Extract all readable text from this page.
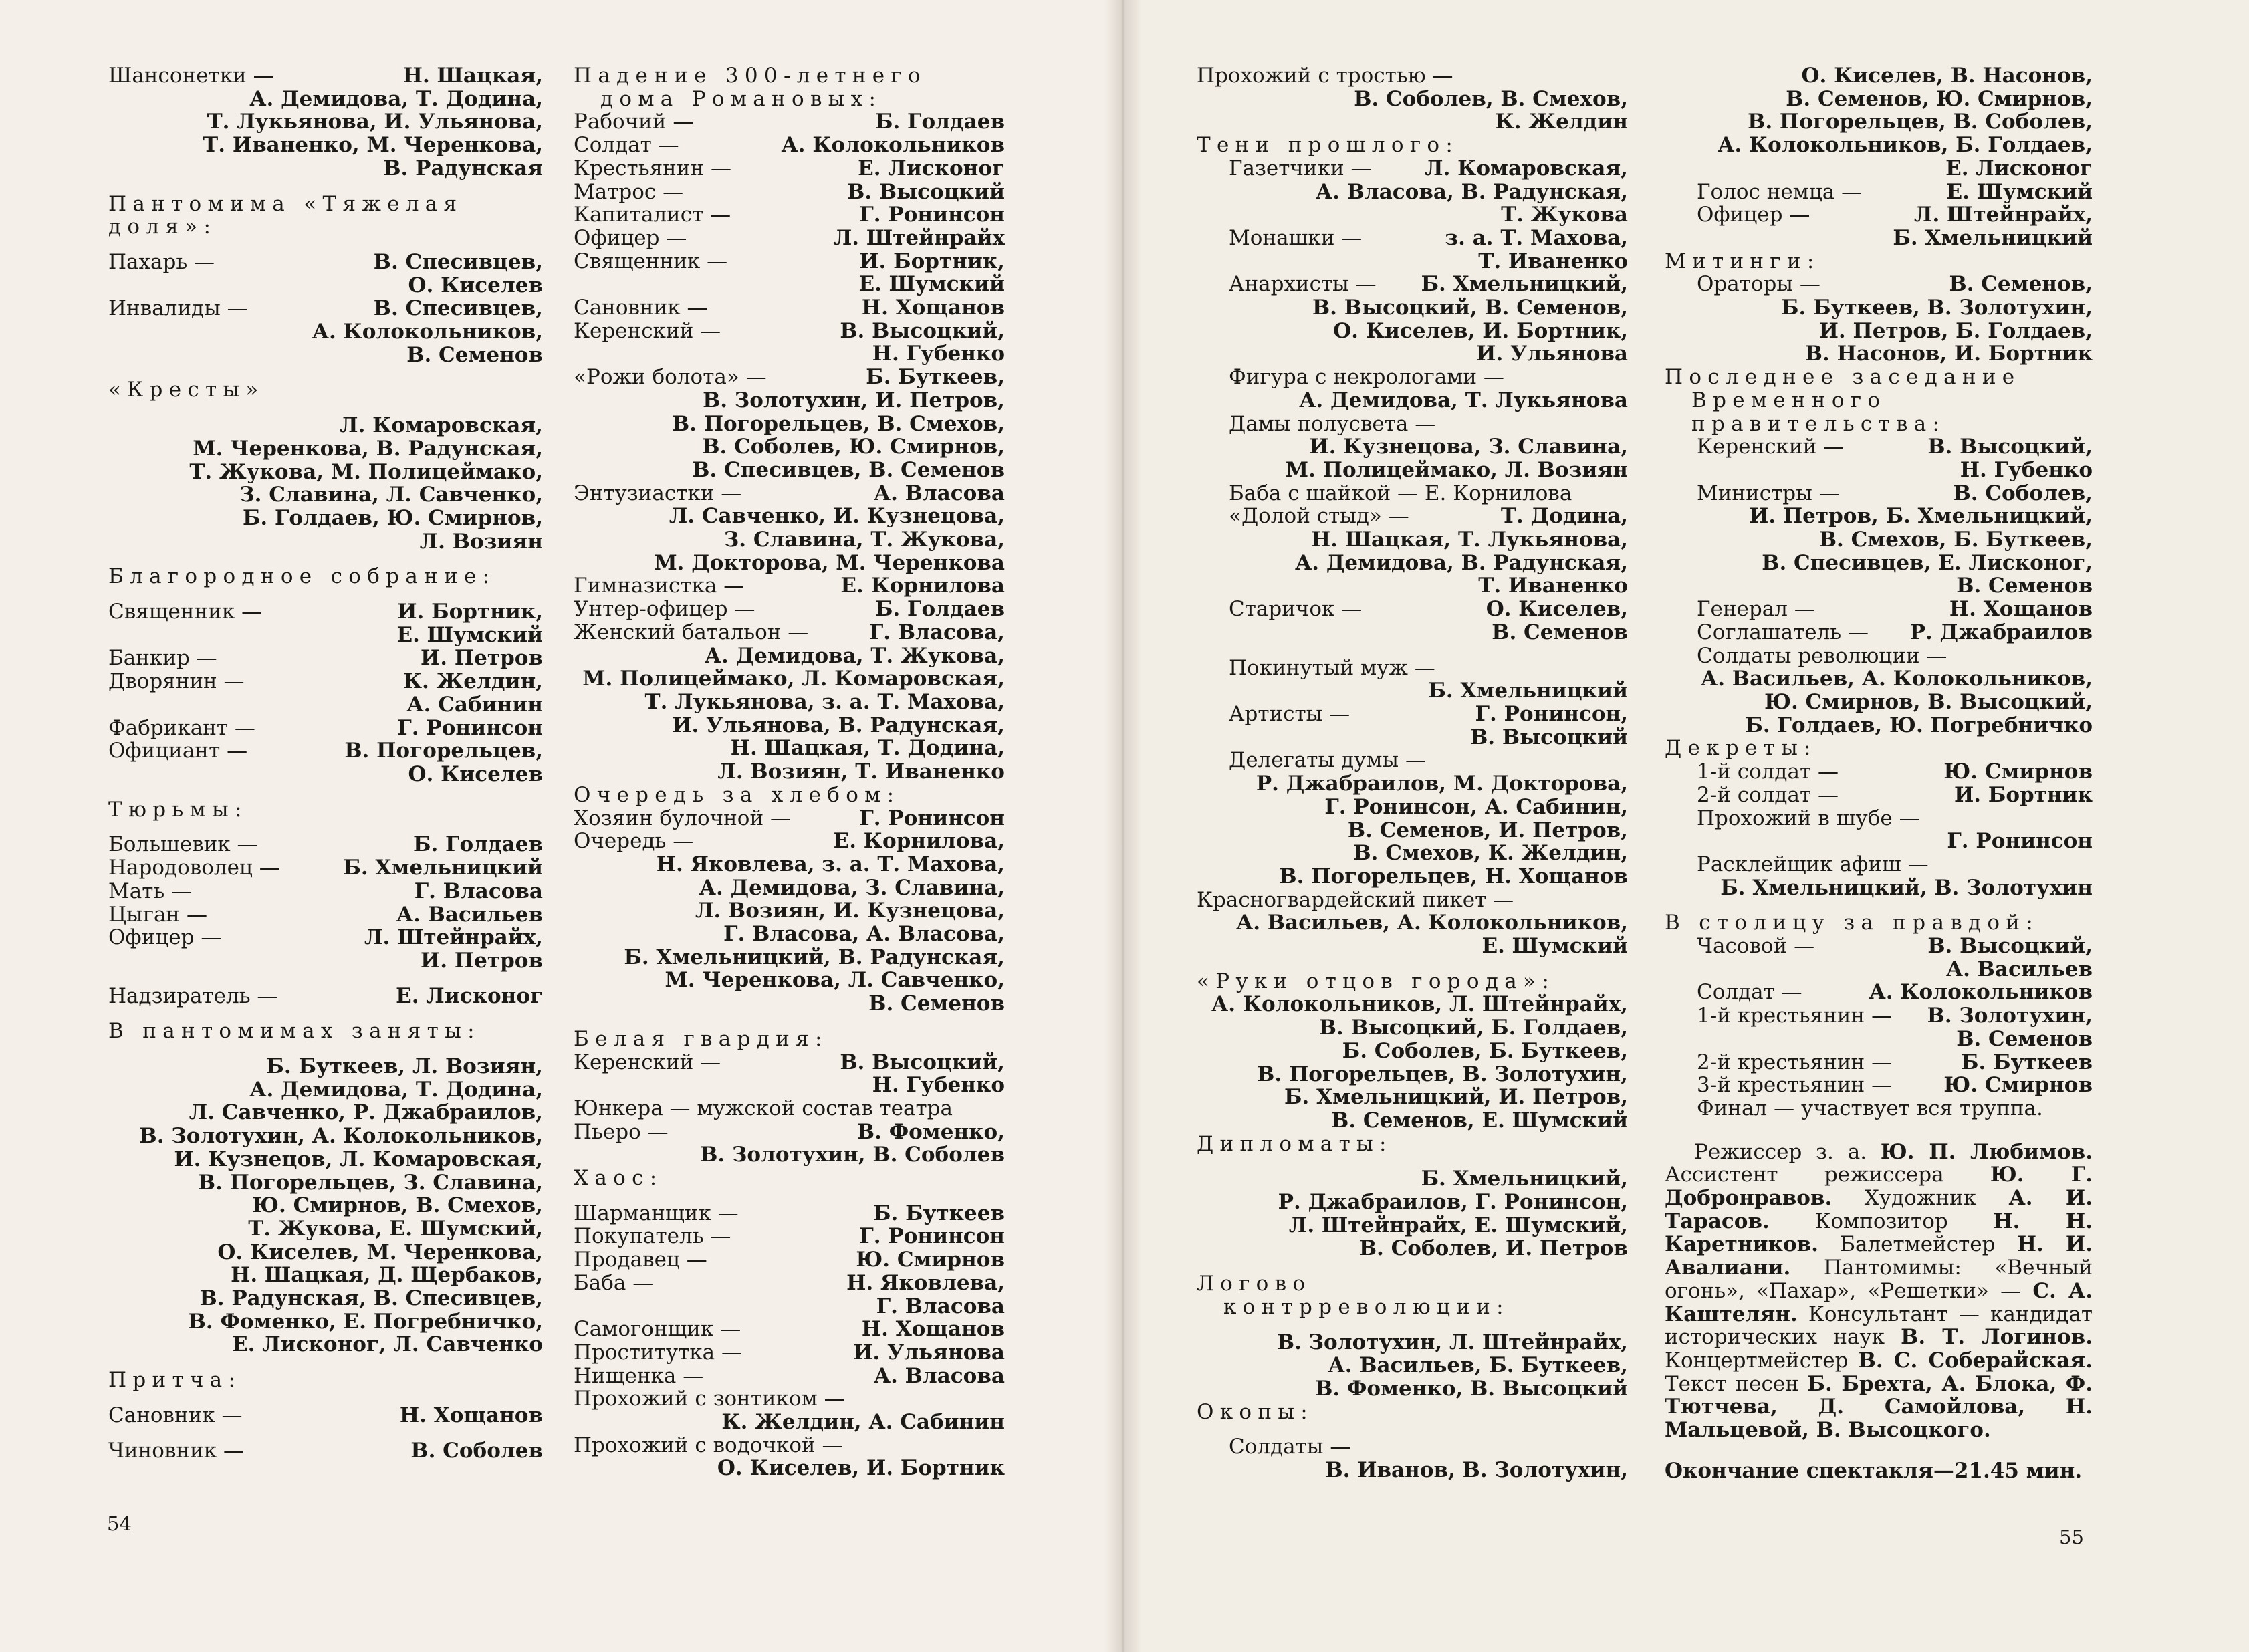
Шансонетки —	Н. Шацкая,
А. Демидова, Т. Додина,
Т. Лукьянова, И. Ульянова,
Т. Иваненко, М. Черенкова,
В. Радунская
Пантомима «Тяжелая доля»:
Пахарь —	В. Спесивцев,
О. Киселев
Инвалиды —	В. Спесивцев,
А. Колокольников,
В. Семенов
«Кресты»
Л. Комаровская,
М. Черенкова, В. Радунская,
Т. Жукова, М. Полицеймако,
З. Славина, Л. Савченко,
Б. Голдаев, Ю. Смирнов,
Л. Возиян
Благородное собрание:
Священник —	И. Бортник,
Е. Шумский
Банкир —	И. Петров
Дворянин —	К. Желдин,
А. Сабинин
Фабрикант —	Г. Ронинсон
Официант —	В. Погорельцев,
О. Киселев
Тюрьмы:
Большевик —	Б. Голдаев
Народоволец —	Б. Хмельницкий
Мать —	Г. Власова
Цыган —	А. Васильев
Офицер —	Л. Штейнрайх,
И. Петров
Надзиратель —	Е. Лисконог
В пантомимах заняты:
Б. Буткеев, Л. Возиян,
А. Демидова, Т. Додина,
Л. Савченко, Р. Джабраилов,
В. Золотухин, А. Колокольников,
И. Кузнецов, Л. Комаровская,
В. Погорельцев, З. Славина,
Ю. Смирнов, В. Смехов,
Т. Жукова, Е. Шумский,
О. Киселев, М. Черенкова,
Н. Шацкая, Д. Щербаков,
В. Радунская, В. Спесивцев,
В. Фоменко, Е. Погребничко,
Е. Лисконог, Л. Савченко
Притча:
Сановник —	Н. Хощанов
Чиновник —	В. Соболев
Падение 300-летнего
дома Романовых:
Рабочий —	Б. Голдаев
Солдат —	А. Колокольников
Крестьянин —	Е. Лисконог
Матрос —	В. Высоцкий
Капиталист —	Г. Ронинсон
Офицер —	Л. Штейнрайх
Священник —	И. Бортник,
Е. Шумский
Сановник —	Н. Хощанов
Керенский —	В. Высоцкий,
Н. Губенко
«Рожи болота» —	Б. Буткеев,
В. Золотухин, И. Петров,
В. Погорельцев, В. Смехов,
В. Соболев, Ю. Смирнов,
В. Спесивцев, В. Семенов
Энтузиастки —	А. Власова
Л. Савченко, И. Кузнецова,
З. Славина, Т. Жукова,
М. Докторова, М. Черенкова
Гимназистка —	Е. Корнилова
Унтер-офицер —	Б. Голдаев
Женский батальон —	Г. Власова,
А. Демидова, Т. Жукова,
М. Полицеймако, Л. Комаровская,
Т. Лукьянова, з. а. Т. Махова,
И. Ульянова, В. Радунская,
Н. Шацкая, Т. Додина,
Л. Возиян, Т. Иваненко
Очередь за хлебом:
Хозяин булочной —	Г. Ронинсон
Очередь —	Е. Корнилова,
Н. Яковлева, з. а. Т. Махова,
А. Демидова, З. Славина,
Л. Возиян, И. Кузнецова,
Г. Власова, А. Власова,
Б. Хмельницкий, В. Радунская,
М. Черенкова, Л. Савченко,
В. Семенов
Белая гвардия:
Керенский —	В. Высоцкий,
Н. Губенко
Юнкера — мужской состав театра
Пьеро —	В. Фоменко,
В. Золотухин, В. Соболев
Хаос:
Шарманщик —	Б. Буткеев
Покупатель —	Г. Ронинсон
Продавец —	Ю. Смирнов
Баба —	Н. Яковлева,
Г. Власова
Самогонщик —	Н. Хощанов
Проститутка —	И. Ульянова
Нищенка —	А. Власова
Прохожий с зонтиком —
К. Желдин, А. Сабинин
Прохожий с водочкой —
О. Киселев, И. Бортник
Прохожий с тростью —
В. Соболев, В. Смехов,
К. Желдин
Тени прошлого:
Газетчики —	Л. Комаровская,
А. Власова, В. Радунская,
Т. Жукова
Монашки —	з. а. Т. Махова,
Т. Иваненко
Анархисты — Б. Хмельницкий,
В. Высоцкий, В. Семенов,
О. Киселев, И. Бортник,
И. Ульянова
Фигура с некрологами —
А. Демидова, Т. Лукьянова
Дамы полусвета —
И. Кузнецова, З. Славина,
М. Полицеймако, Л. Возиян
Баба с шайкой — Е. Корнилова
«Долой стыд» —	Т. Додина,
Н. Шацкая, Т. Лукьянова,
А. Демидова, В. Радунская,
Т. Иваненко
Старичок —	О. Киселев,
В. Семенов
Покинутый муж —
Б. Хмельницкий
Артисты —	Г. Ронинсон,
В. Высоцкий
Делегаты думы —
Р. Джабраилов, М. Докторова,
Г. Ронинсон, А. Сабинин,
В. Семенов, И. Петров,
В. Смехов, К. Желдин,
В. Погорельцев, Н. Хощанов
Красногвардейский пикет —
А. Васильев, А. Колокольников,
Е. Шумский
«Руки отцов города»:
А. Колокольников, Л. Штейнрайх,
В. Высоцкий, Б. Голдаев,
Б. Соболев, Б. Буткеев,
В. Погорельцев, В. Золотухин,
Б. Хмельницкий, И. Петров,
В. Семенов, Е. Шумский
Дипломаты:
Б. Хмельницкий,
Р. Джабраилов, Г. Ронинсон,
Л. Штейнрайх, Е. Шумский,
В. Соболев, И. Петров
Логово
контрреволюции:
В. Золотухин, Л. Штейнрайх,
А. Васильев, Б. Буткеев,
В. Фоменко, В. Высоцкий
Окопы:
Солдаты —
В. Иванов, В. Золотухин,
О. Киселев, В. Насонов,
В. Семенов, Ю. Смирнов,
В. Погорельцев, В. Соболев,
А. Колокольников, Б. Голдаев,
Е. Лисконог
Голос немца —	Е. Шумский
Офицер —	Л. Штейнрайх,
Б. Хмельницкий
Митинги:
Ораторы —	В. Семенов,
Б. Буткеев, В. Золотухин,
И. Петров, Б. Голдаев,
В. Насонов, И. Бортник
Последнее заседание
Временного
правительства:
Керенский —	В. Высоцкий,
Н. Губенко
Министры —	В. Соболев,
И. Петров, Б. Хмельницкий,
В. Смехов, Б. Буткеев,
В. Спесивцев, Е. Лисконог,
В. Семенов
Генерал —	Н. Хощанов
Соглашатель — Р. Джабраилов
Солдаты революции —
А. Васильев, А. Колокольников,
Ю. Смирнов, В. Высоцкий,
Б. Голдаев, Ю. Погребничко
Декреты:
1-й солдат —	Ю. Смирнов
2-й солдат —	И. Бортник
Прохожий в шубе —
Г. Ронинсон
Расклейщик афиш —
Б. Хмельницкий, В. Золотухин
В столицу за правдой:
Часовой —	В. Высоцкий,
А. Васильев
Солдат —	А. Колокольников
1-й крестьянин — В. Золотухин,
В. Семенов
2-й крестьянин —	Б. Буткеев
3-й крестьянин — Ю. Смирнов
Финал — участвует вся труппа.
Режиссер з. а. Ю. П. Любимов. Ассистент режиссера Ю. Г. Добронравов. Художник А. И. Тарасов. Композитор Н. Н. Каретников. Балетмейстер Н. И. Авалиани. Пантомимы: «Вечный огонь», «Пахар», «Решетки» — С. А. Каштелян. Консультант — кандидат исторических наук В. Т. Логинов. Концертмейстер В. С. Соберайская. Текст песен Б. Брехта, А. Блока, Ф. Тютчева, Д. Самойлова, Н. Мальцевой, В. Высоцкого.
Окончание спектакля—21.45 мин.
54
55
